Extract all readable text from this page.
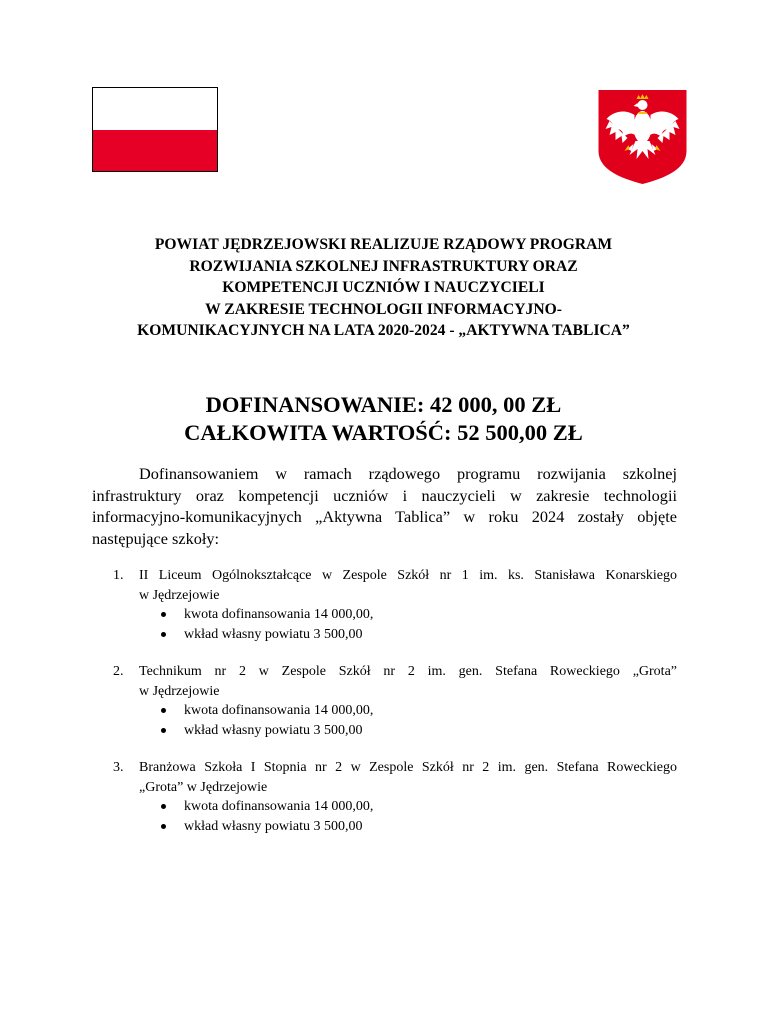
POWIAT JĘDRZEJOWSKI REALIZUJE RZĄDOWY PROGRAM
ROZWIJANIA SZKOLNEJ INFRASTRUKTURY ORAZ
KOMPETENCJI UCZNIÓW I NAUCZYCIELI
W ZAKRESIE TECHNOLOGII INFORMACYJNO-
KOMUNIKACYJNYCH NA LATA 2020-2024 - „AKTYWNA TABLICA”
DOFINANSOWANIE: 42 000, 00 ZŁ
CAŁKOWITA WARTOŚĆ: 52 500,00 ZŁ
Dofinansowaniem w ramach rządowego programu rozwijania szkolnej
infrastruktury oraz kompetencji uczniów i nauczycieli w zakresie technologii
informacyjno-komunikacyjnych „Aktywna Tablica” w roku 2024 zostały objęte
następujące szkoły:
1. II Liceum Ogólnokształcące w Zespole Szkół nr 1 im. ks. Stanisława Konarskiego
w Jędrzejowie
kwota dofinansowania 14 000,00,
wkład własny powiatu 3 500,00
2. Technikum nr 2 w Zespole Szkół nr 2 im. gen. Stefana Roweckiego „Grota”
w Jędrzejowie
kwota dofinansowania 14 000,00,
wkład własny powiatu 3 500,00
3. Branżowa Szkoła I Stopnia nr 2 w Zespole Szkół nr 2 im. gen. Stefana Roweckiego
„Grota” w Jędrzejowie
kwota dofinansowania 14 000,00,
wkład własny powiatu 3 500,00
